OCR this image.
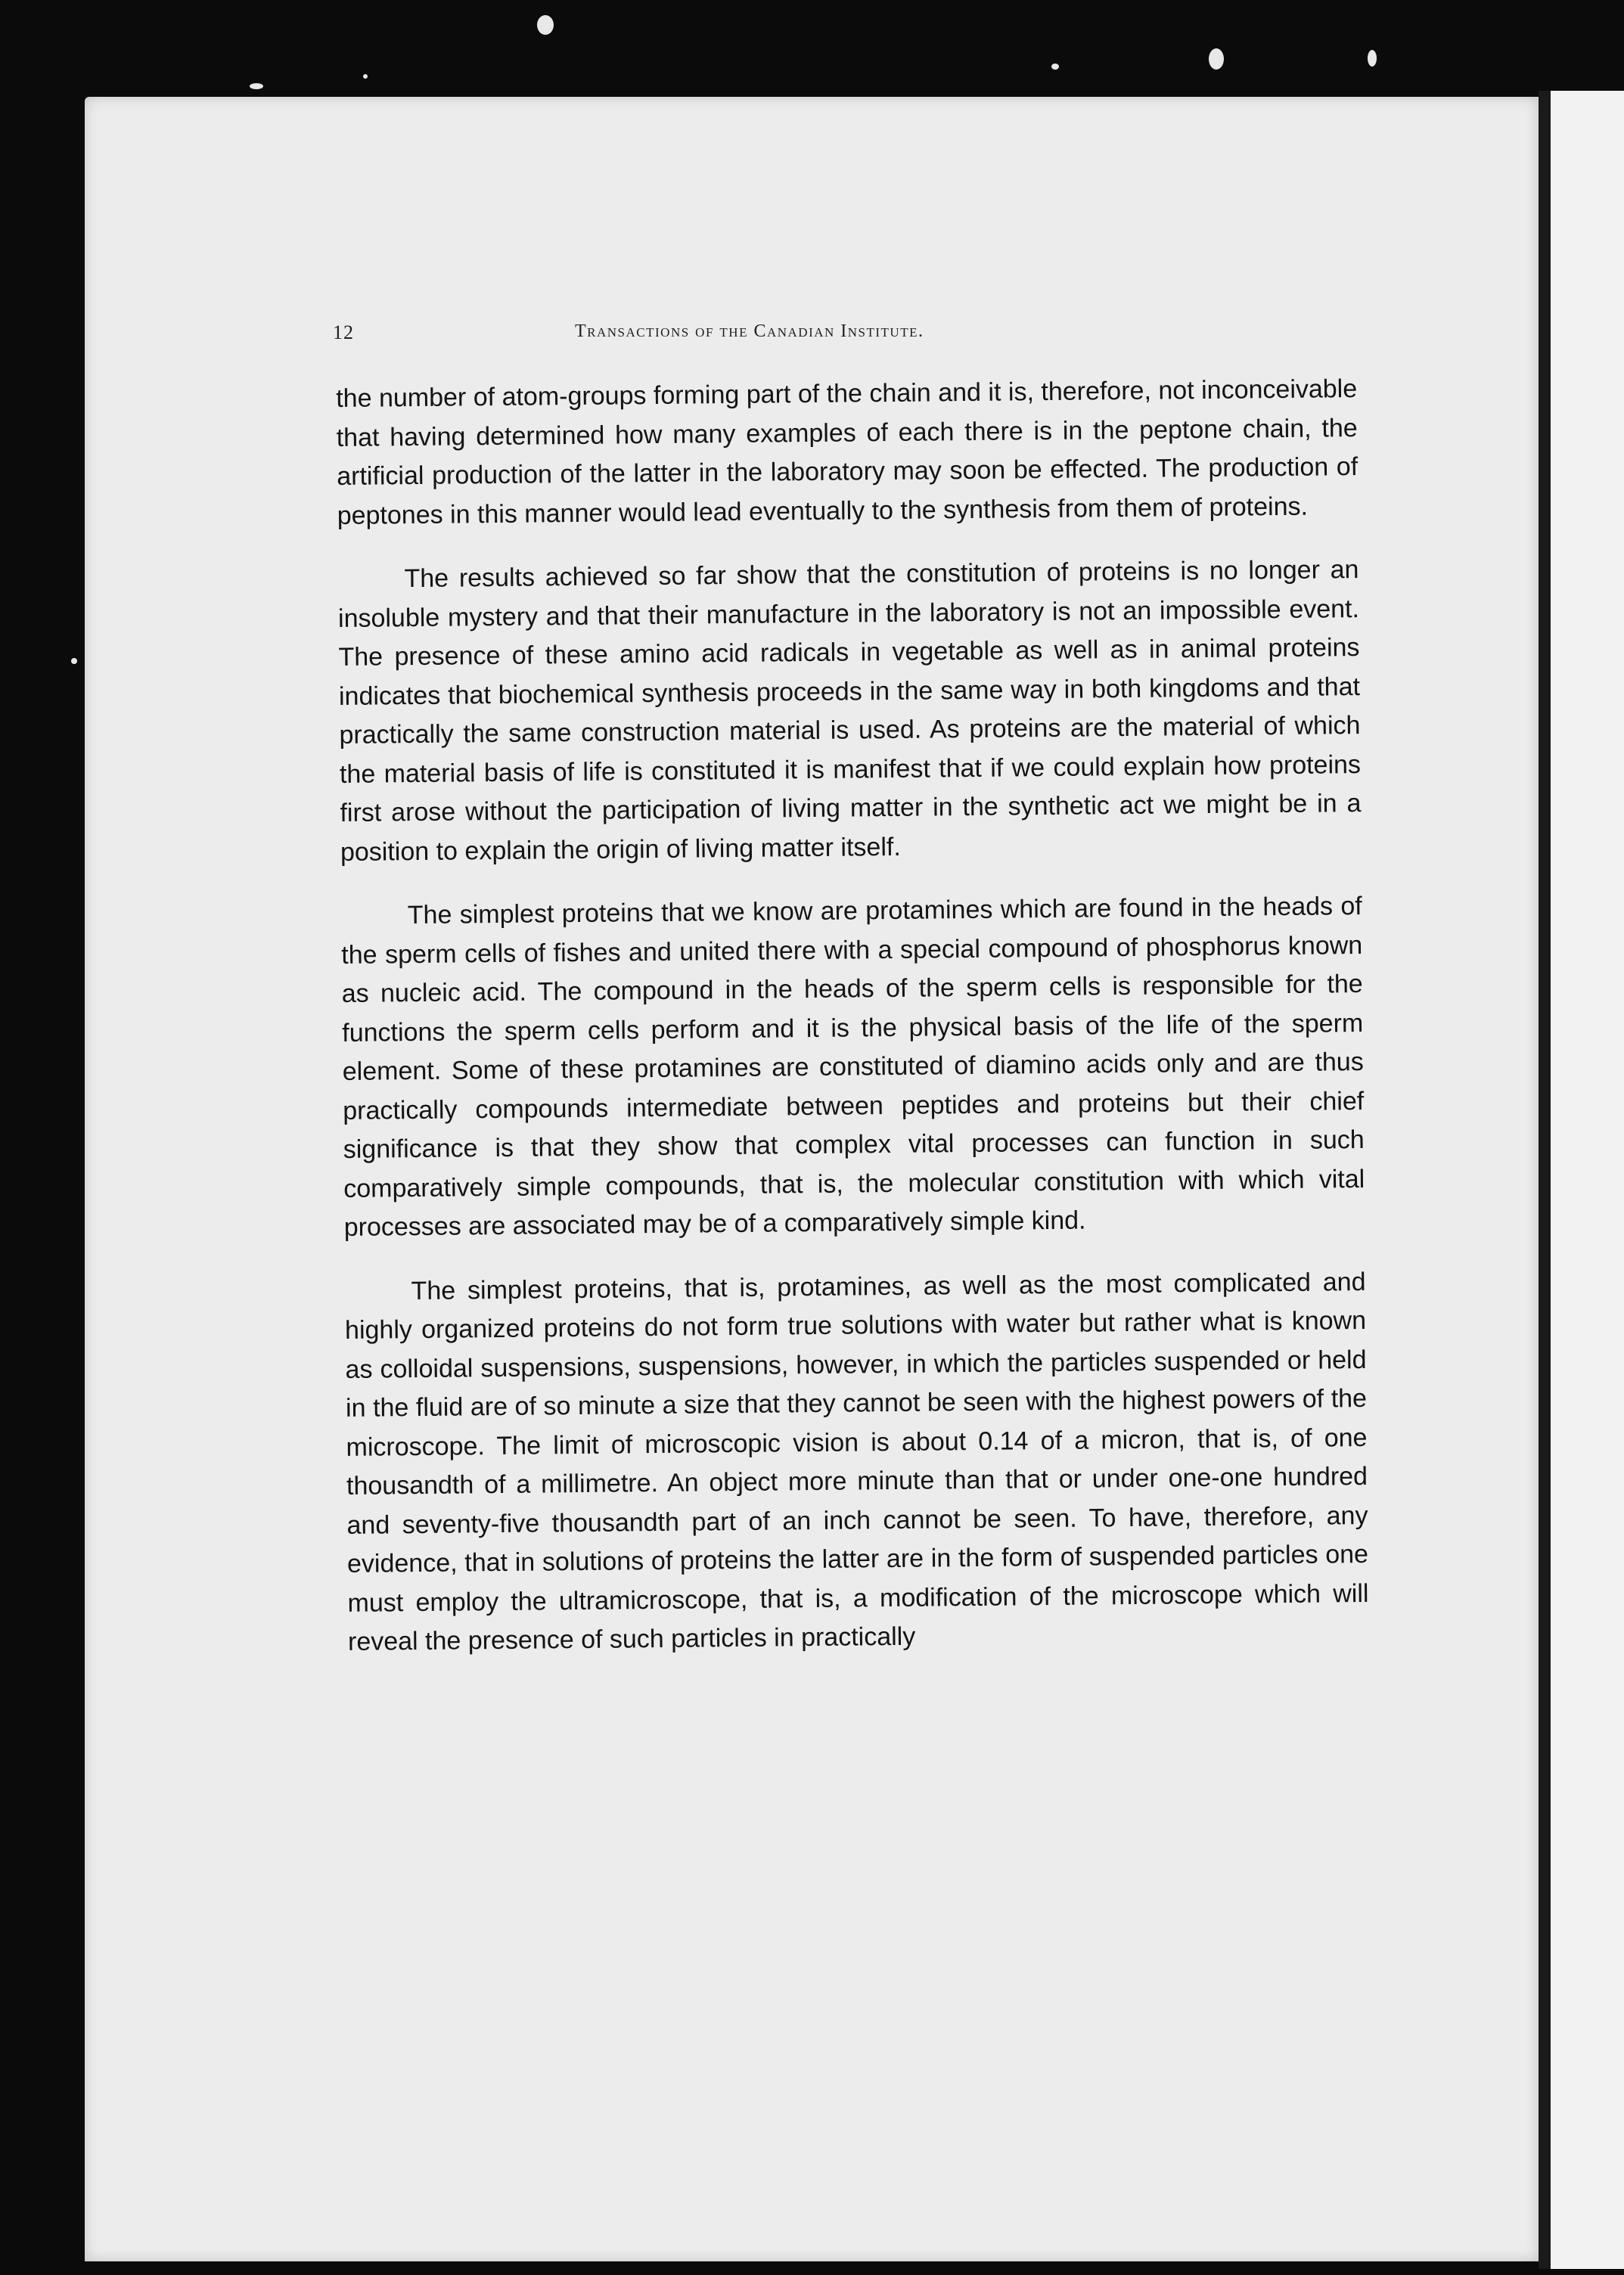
12	Transactions of the Canadian Institute.

the number of atom-groups forming part of the chain and it is, therefore, not inconceivable that having determined how many examples of each there is in the peptone chain, the artificial production of the latter in the laboratory may soon be effected. The production of peptones in this manner would lead eventually to the synthesis from them of proteins.

The results achieved so far show that the constitution of proteins is no longer an insoluble mystery and that their manufacture in the laboratory is not an impossible event. The presence of these amino acid radicals in vegetable as well as in animal proteins indicates that biochemical synthesis proceeds in the same way in both kingdoms and that practically the same construction material is used. As proteins are the material of which the material basis of life is constituted it is manifest that if we could explain how proteins first arose without the participation of living matter in the synthetic act we might be in a position to explain the origin of living matter itself.

The simplest proteins that we know are protamines which are found in the heads of the sperm cells of fishes and united there with a special compound of phosphorus known as nucleic acid. The compound in the heads of the sperm cells is responsible for the functions the sperm cells perform and it is the physical basis of the life of the sperm element. Some of these protamines are constituted of diamino acids only and are thus practically compounds intermediate between peptides and proteins but their chief significance is that they show that complex vital processes can function in such comparatively simple compounds, that is, the molecular constitution with which vital processes are associated may be of a comparatively simple kind.

The simplest proteins, that is, protamines, as well as the most complicated and highly organized proteins do not form true solutions with water but rather what is known as colloidal suspensions, suspensions, however, in which the particles suspended or held in the fluid are of so minute a size that they cannot be seen with the highest powers of the microscope. The limit of microscopic vision is about 0.14 of a micron, that is, of one thousandth of a millimetre. An object more minute than that or under one-one hundred and seventy-five thousandth part of an inch cannot be seen. To have, therefore, any evidence, that in solutions of proteins the latter are in the form of suspended particles one must employ the ultramicroscope, that is, a modification of the microscope which will reveal the presence of such particles in practically
